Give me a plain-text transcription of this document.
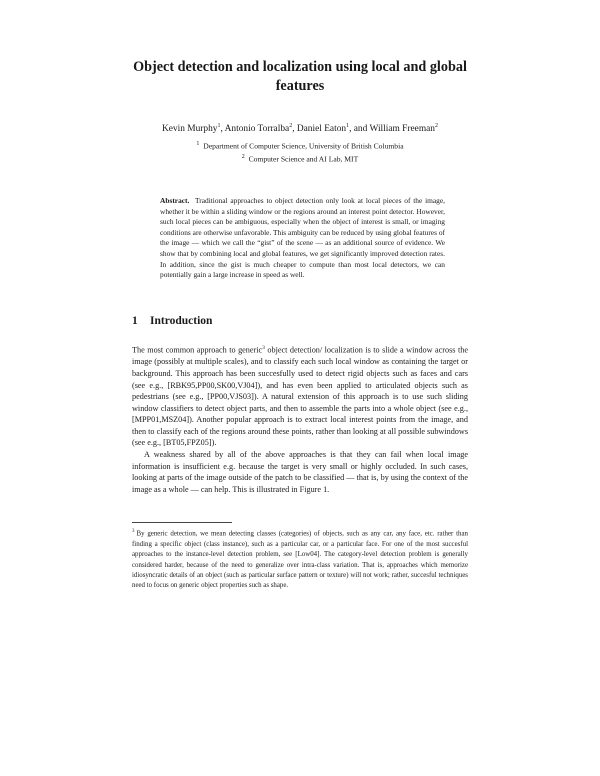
Object detection and localization using local and global features
Kevin Murphy$^1$, Antonio Torralba$^2$, Daniel Eaton$^1$, and William Freeman$^2$
$^1$ Department of Computer Science, University of British Columbia
$^2$ Computer Science and AI Lab, MIT

Abstract. Traditional approaches to object detection only look at local pieces of the image, whether it be within a sliding window or the regions around an interest point detector. However, such local pieces can be ambiguous, especially when the object of interest is small, or imaging conditions are otherwise unfavorable. This ambiguity can be reduced by using global features of the image — which we call the “gist” of the scene — as an additional source of evidence. We show that by combining local and global features, we get significantly improved detection rates. In addition, since the gist is much cheaper to compute than most local detectors, we can potentially gain a large increase in speed as well.

1 Introduction

The most common approach to generic$^3$ object detection/ localization is to slide a window across the image (possibly at multiple scales), and to classify each such local window as containing the target or background. This approach has been succesfully used to detect rigid objects such as faces and cars (see e.g., [RBK95,PP00,SK00,VJ04]), and has even been applied to articulated objects such as pedestrians (see e.g., [PP00,VJS03]). A natural extension of this approach is to use such sliding window classifiers to detect object parts, and then to assemble the parts into a whole object (see e.g., [MPP01,MSZ04]). Another popular approach is to extract local interest points from the image, and then to classify each of the regions around these points, rather than looking at all possible subwindows (see e.g., [BT05,FPZ05]).

A weakness shared by all of the above approaches is that they can fail when local image information is insufficient e.g. because the target is very small or highly occluded. In such cases, looking at parts of the image outside of the patch to be classified — that is, by using the context of the image as a whole — can help. This is illustrated in Figure 1.

$^3$ By generic detection, we mean detecting classes (categories) of objects, such as any car, any face, etc. rather than finding a specific object (class instance), such as a particular car, or a particular face. For one of the most succesful approaches to the instance-level detection problem, see [Low04]. The category-level detection problem is generally considered harder, because of the need to generalize over intra-class variation. That is, approaches which memorize idiosyncratic details of an object (such as particular surface pattern or texture) will not work; rather, succesful techniques need to focus on generic object properties such as shape.
